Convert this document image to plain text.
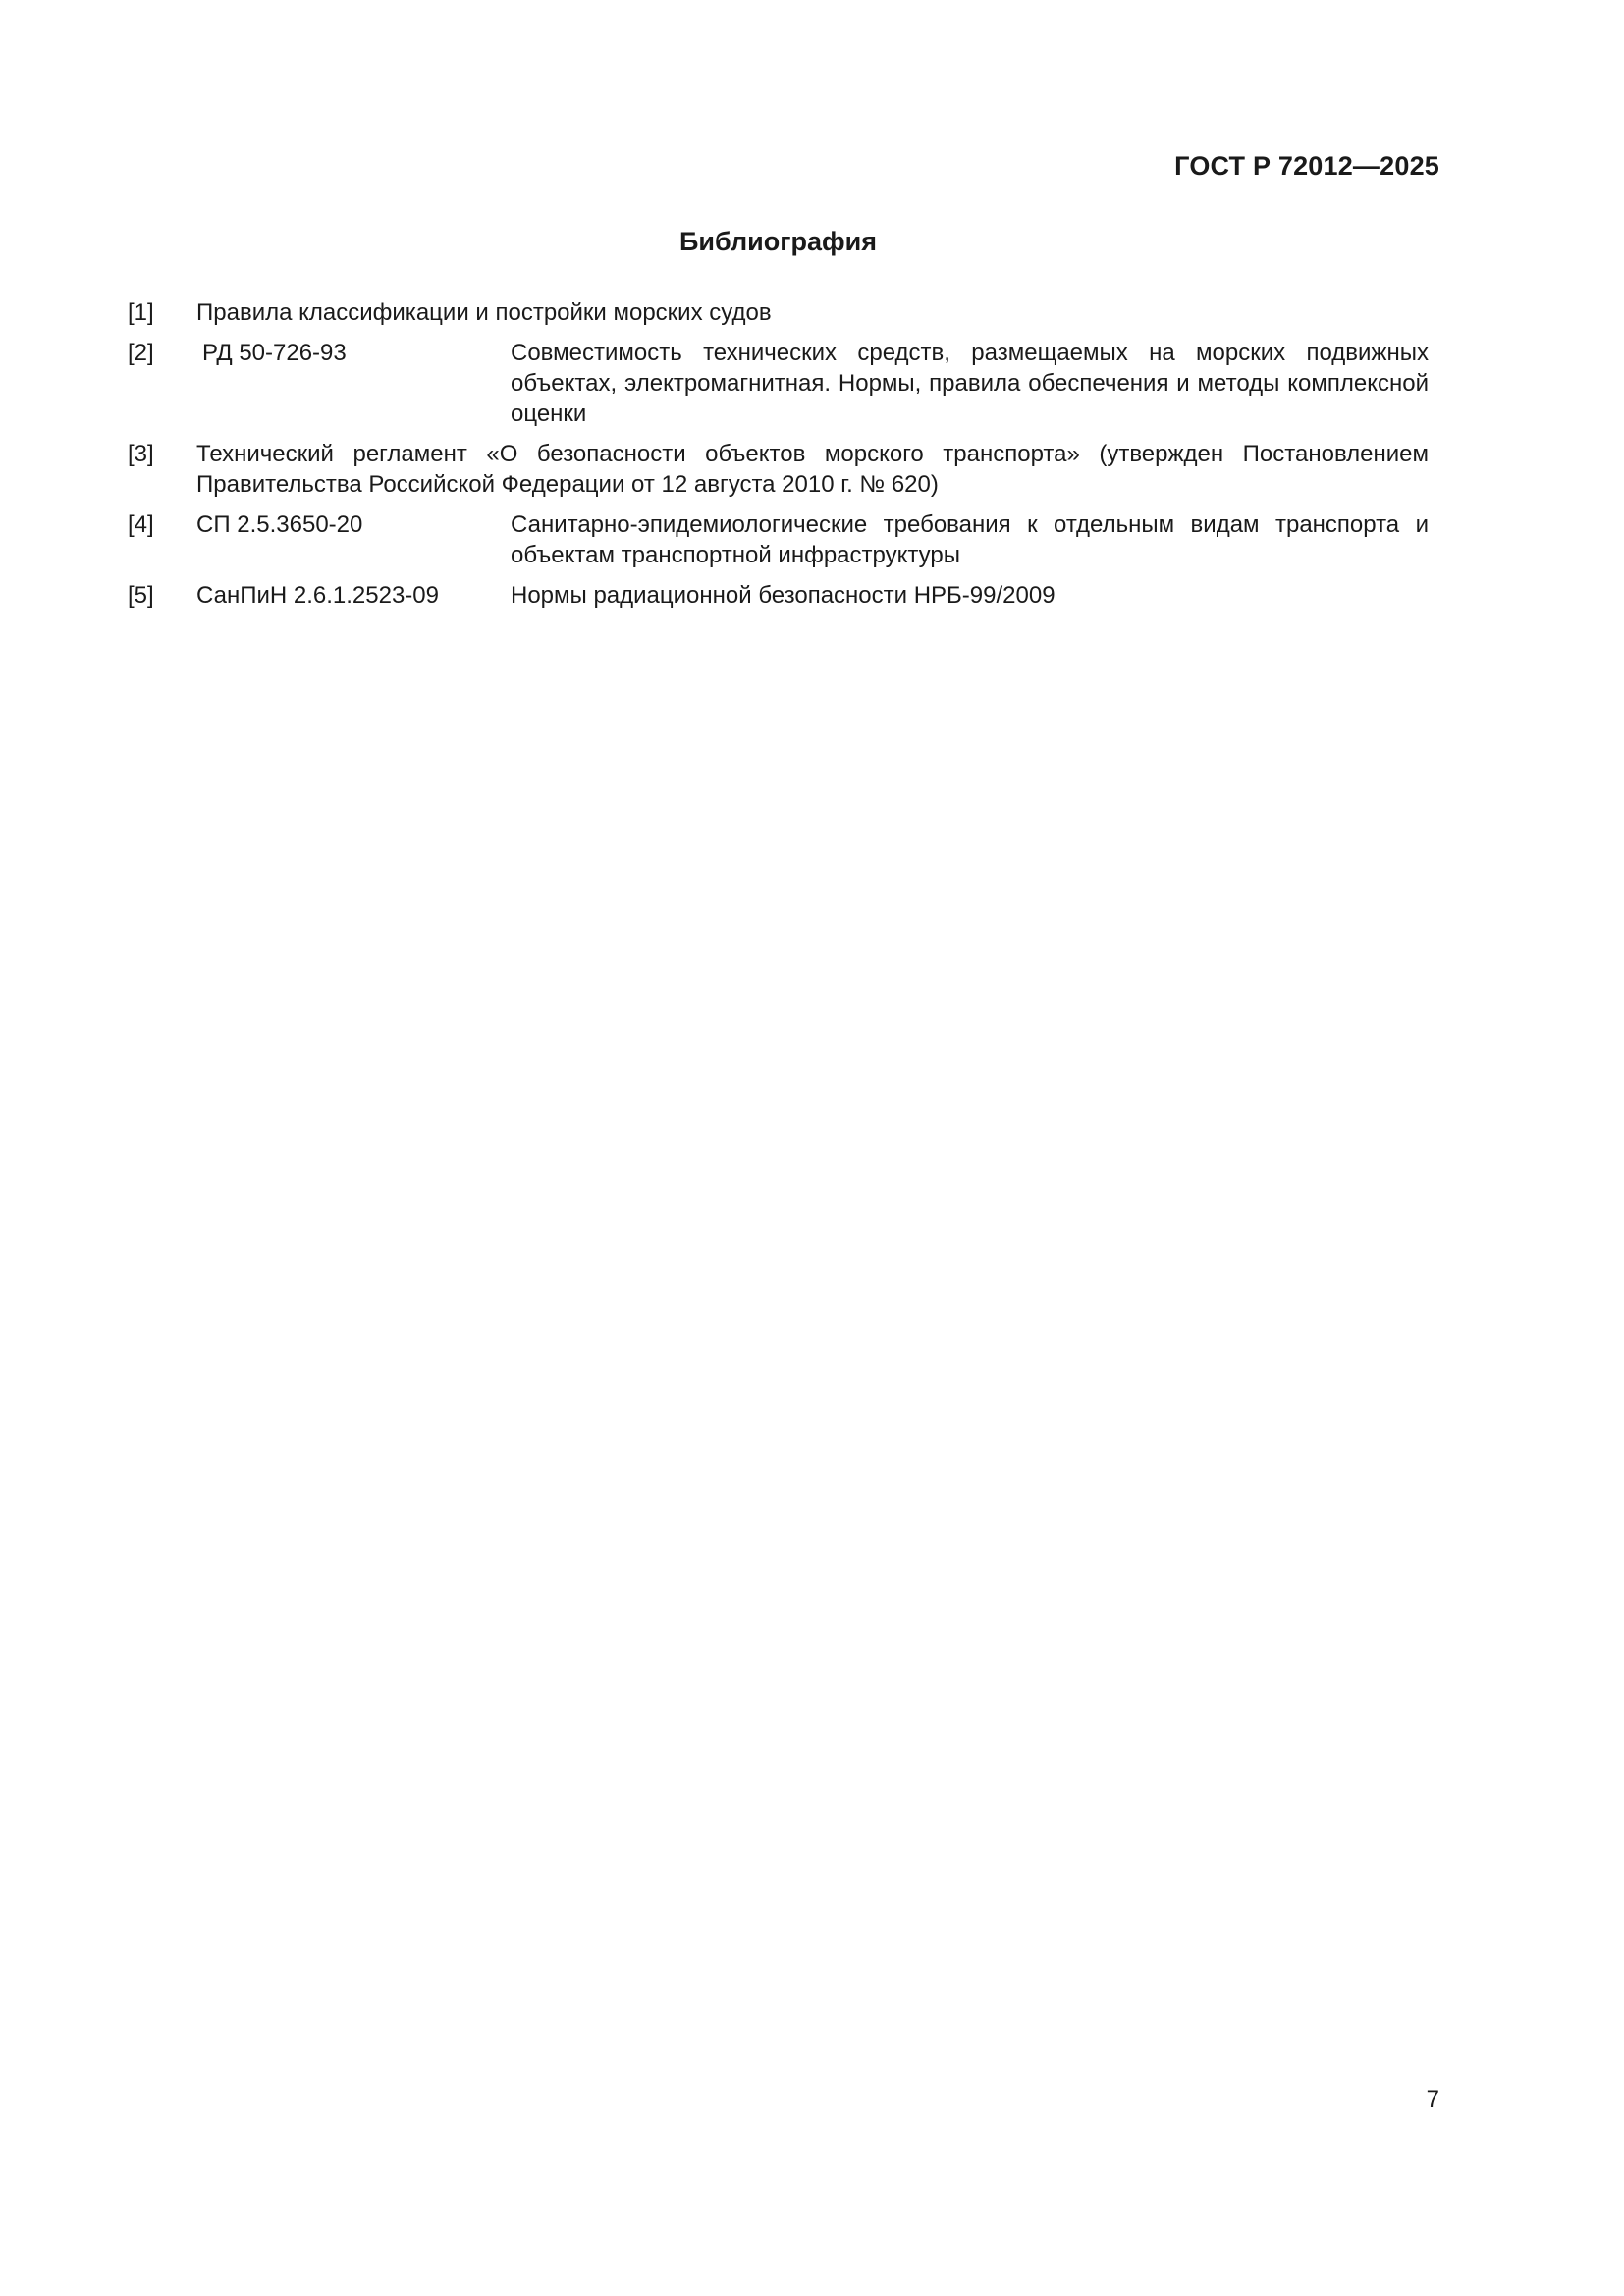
ГОСТ Р 72012—2025
Библиография
[1] Правила классификации и постройки морских судов
[2]	РД 50-726-93	Совместимость технических средств, размещаемых на морских подвижных объектах, электромагнитная. Нормы, правила обеспечения и методы комплексной оценки
[3] Технический регламент «О безопасности объектов морского транспорта» (утвержден Постановлением Правительства Российской Федерации от 12 августа 2010 г. № 620)
[4]	СП 2.5.3650-20	Санитарно-эпидемиологические требования к отдельным видам транспорта и объектам транспортной инфраструктуры
[5]	СанПиН 2.6.1.2523-09	Нормы радиационной безопасности НРБ-99/2009
7
